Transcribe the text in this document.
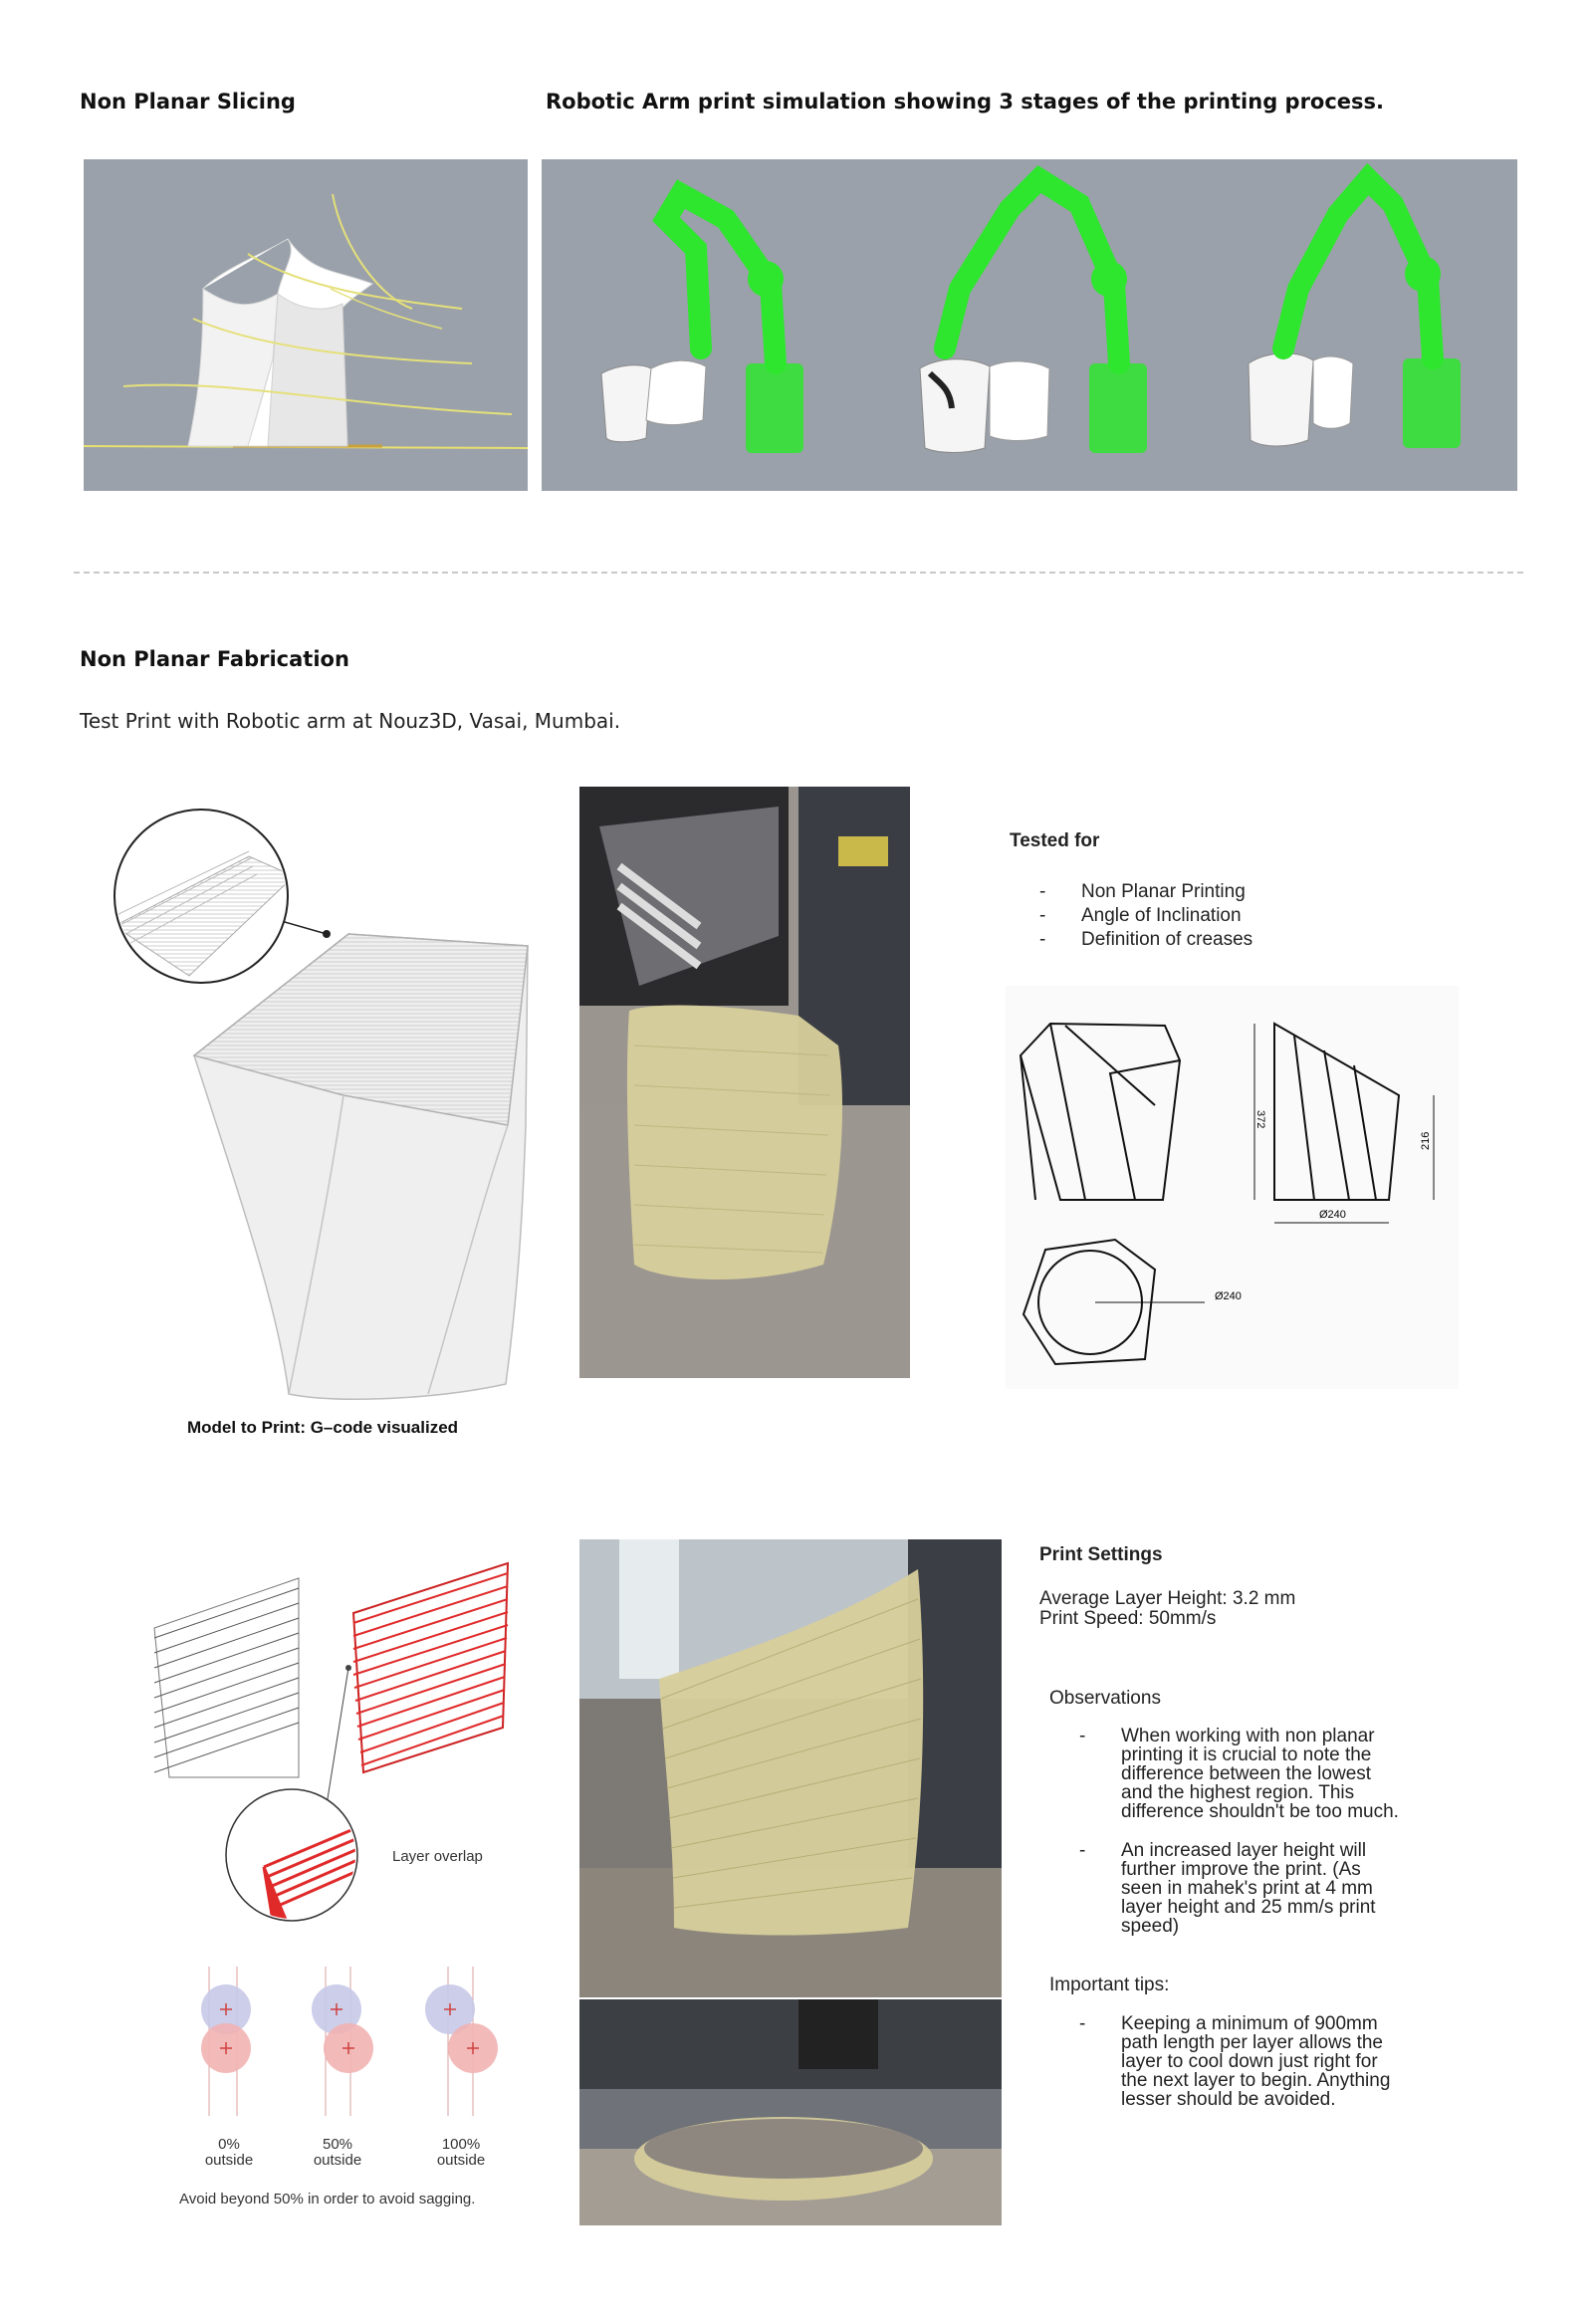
Non Planar Slicing	Robotic Arm print simulation showing 3 stages of the printing process.
Non Planar Fabrication
Test Print with Robotic arm at Nouz3D, Vasai, Mumbai.
Model to Print: G–code visualized
Tested for
- Non Planar Printing
- Angle of Inclination
- Definition of creases
372
216
Ø240
Ø240
Layer overlap
0%
outside
50%
outside
100%
outside
Avoid beyond 50% in order to avoid sagging.
Print Settings
Average Layer Height: 3.2 mm
Print Speed: 50mm/s
Observations
- When working with non planar
printing it is crucial to note the
difference between the lowest
and the highest region. This
difference shouldn't be too much.
- An increased layer height will
further improve the print. (As
seen in mahek's print at 4 mm
layer height and 25 mm/s print
speed)
Important tips:
- Keeping a minimum of 900mm
path length per layer allows the
layer to cool down just right for
the next layer to begin. Anything
lesser should be avoided.
